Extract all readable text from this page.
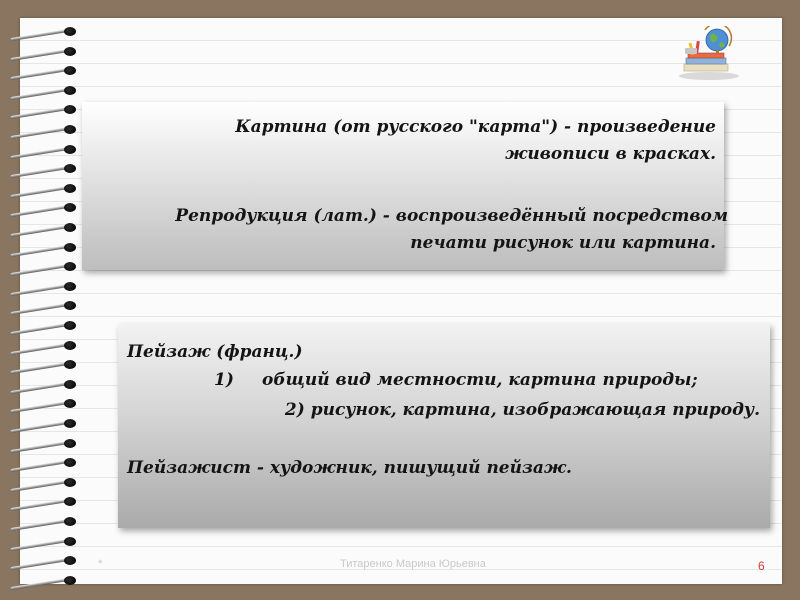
Картина (от русского "карта") - произведение
живописи в красках.
Репродукция (лат.) - воспроизведённый посредством
печати рисунок или картина.
Пейзаж (франц.)
1) общий вид местности, картина природы;
2) рисунок, картина, изображающая природу.
Пейзажист - художник, пишущий пейзаж.
*	Титаренко Марина Юрьевна	6
